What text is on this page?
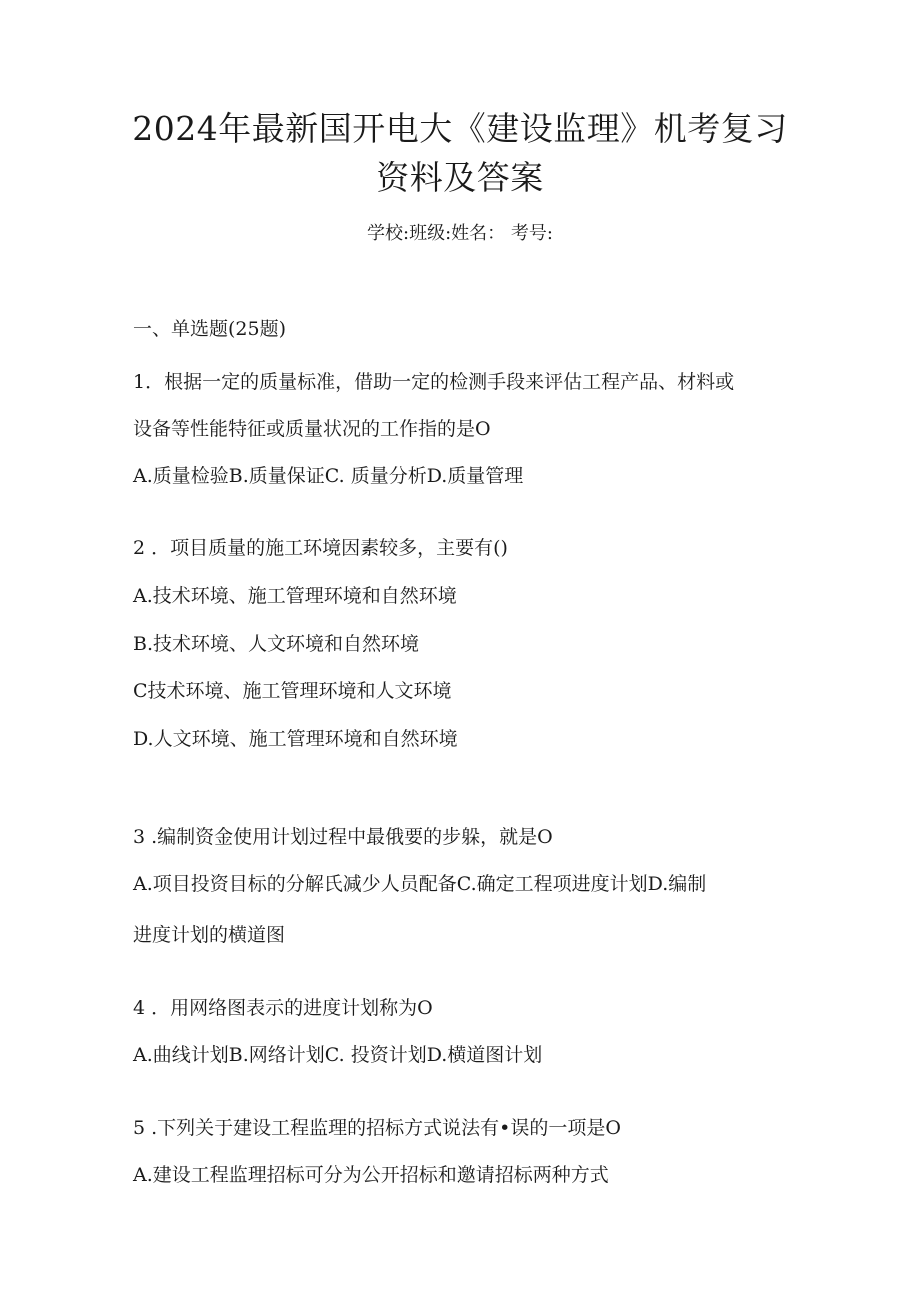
2024年最新国开电大《建设监理》机考复习
资料及答案
学校:班级:姓名： 考号:
一、单选题(25题)
1．根据一定的质量标准，借助一定的检测手段来评估工程产品、材料或
设备等性能特征或质量状况的工作指的是O
A.质量检验B.质量保证C. 质量分析D.质量管理
2 ．项目质量的施工环境因素较多，主要有()
A.技术环境、施工管理环境和自然环境
B.技术环境、人文环境和自然环境
C技术环境、施工管理环境和人文环境
D.人文环境、施工管理环境和自然环境
3 .编制资金使用计划过程中最俄要的步躲，就是O
A.项目投资目标的分解氏减少人员配备C.确定工程项进度计划D.编制
进度计划的横道图
4 ．用网络图表示的进度计划称为O
A.曲线计划B.网络计划C. 投资计划D.横道图计划
5 .下列关于建设工程监理的招标方式说法有•误的一项是O
A.建设工程监理招标可分为公开招标和邀请招标两种方式
